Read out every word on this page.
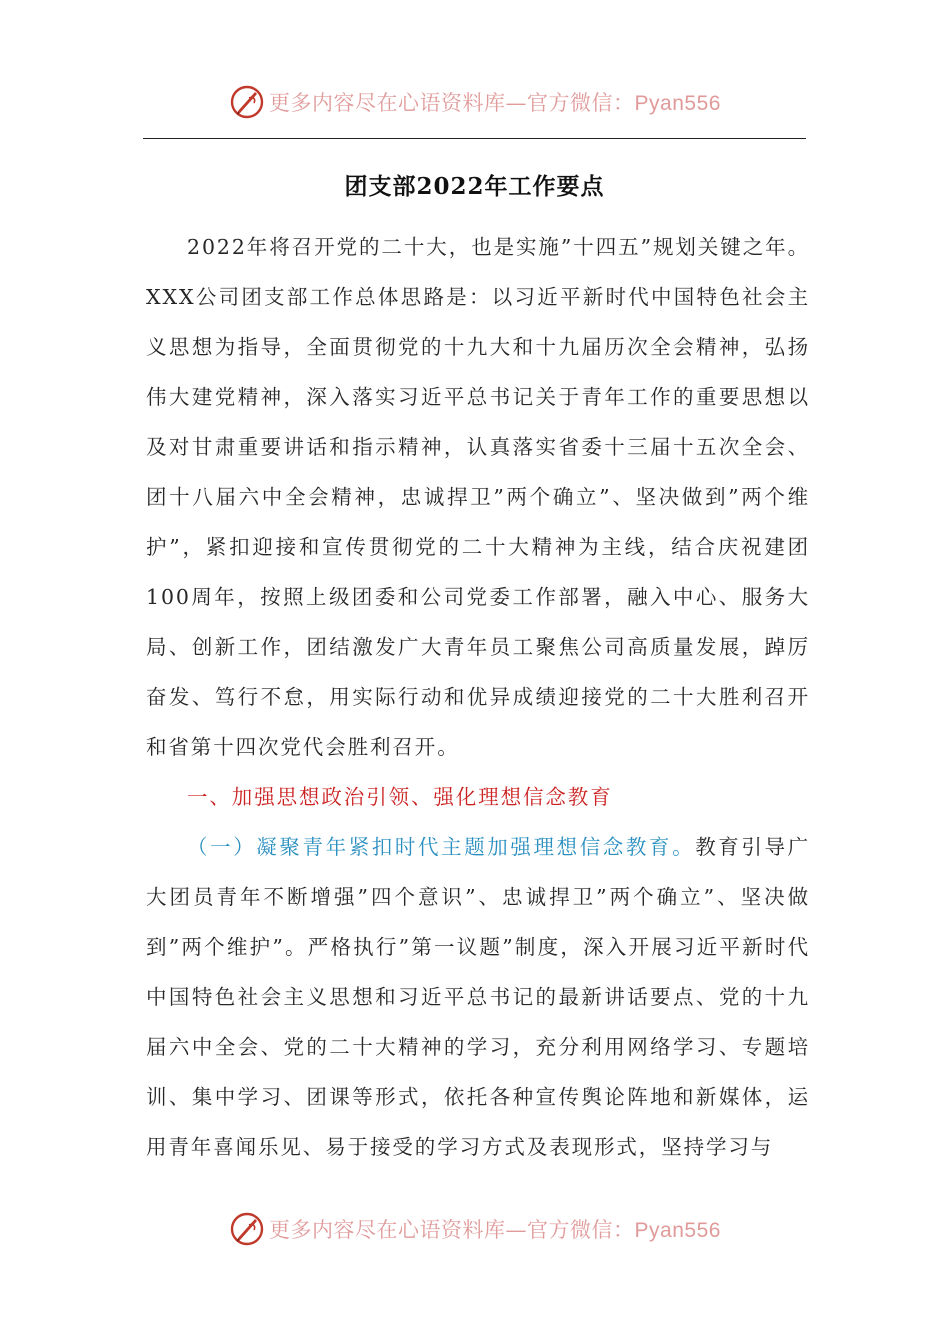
更多内容尽在心语资料库—官方微信：Pyan556
团支部2022年工作要点

2022年将召开党的二十大，也是实施”十四五”规划关键之年。XXX公司团支部工作总体思路是：以习近平新时代中国特色社会主义思想为指导，全面贯彻党的十九大和十九届历次全会精神，弘扬伟大建党精神，深入落实习近平总书记关于青年工作的重要思想以及对甘肃重要讲话和指示精神，认真落实省委十三届十五次全会、团十八届六中全会精神，忠诚捍卫”两个确立”、坚决做到”两个维护”，紧扣迎接和宣传贯彻党的二十大精神为主线，结合庆祝建团100周年，按照上级团委和公司党委工作部署，融入中心、服务大局、创新工作，团结激发广大青年员工聚焦公司高质量发展，踔厉奋发、笃行不怠，用实际行动和优异成绩迎接党的二十大胜利召开和省第十四次党代会胜利召开。

一、加强思想政治引领、强化理想信念教育

（一）凝聚青年紧扣时代主题加强理想信念教育。教育引导广大团员青年不断增强”四个意识”、忠诚捍卫”两个确立”、坚决做到”两个维护”。严格执行”第一议题”制度，深入开展习近平新时代中国特色社会主义思想和习近平总书记的最新讲话要点、党的十九届六中全会、党的二十大精神的学习，充分利用网络学习、专题培训、集中学习、团课等形式，依托各种宣传舆论阵地和新媒体，运用青年喜闻乐见、易于接受的学习方式及表现形式，坚持学习与

更多内容尽在心语资料库—官方微信：Pyan556
